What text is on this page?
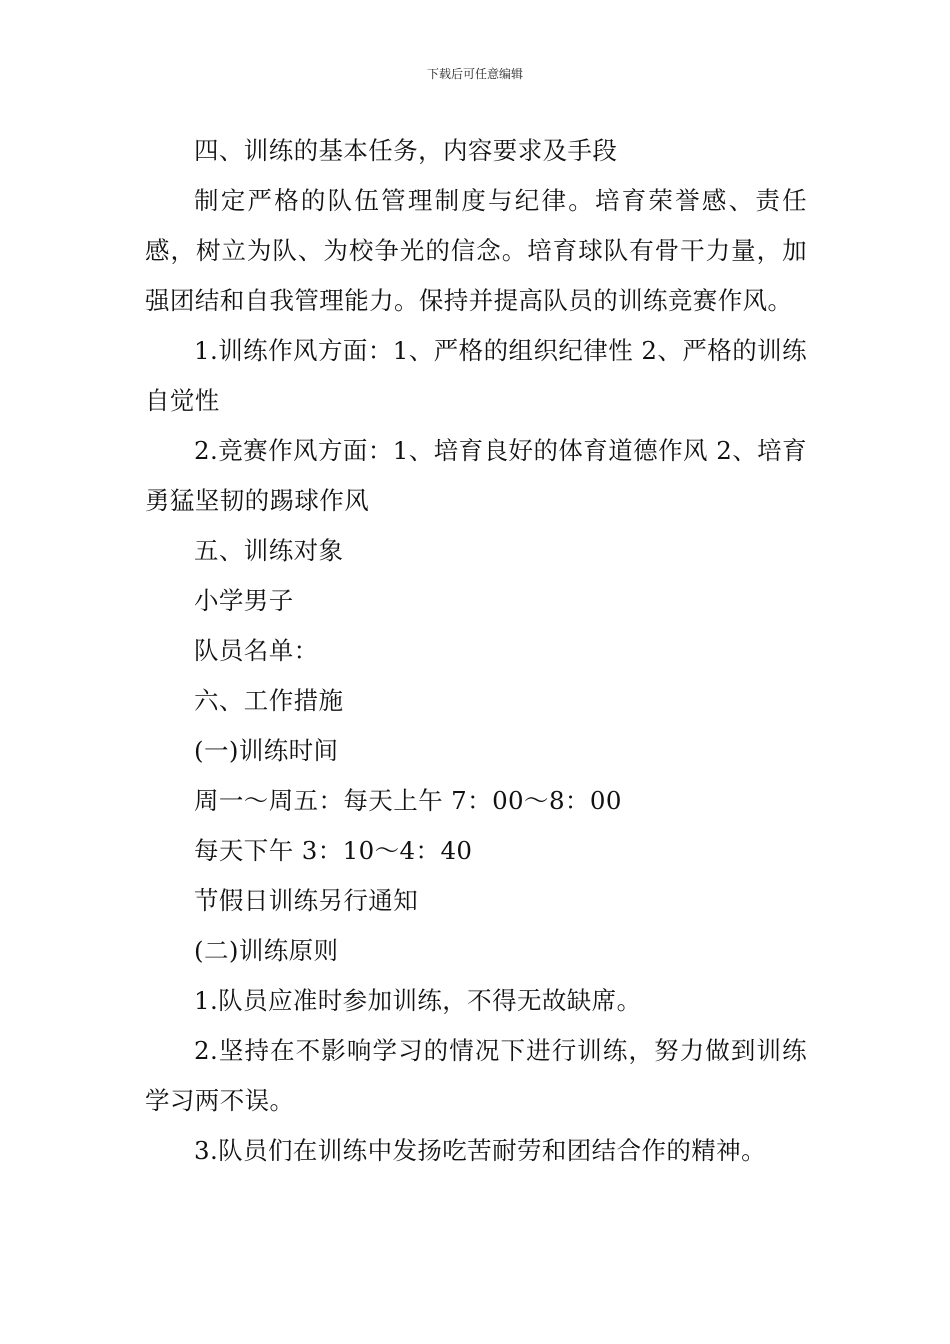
下载后可任意编辑

四、训练的基本任务，内容要求及手段

制定严格的队伍管理制度与纪律。培育荣誉感、责任感，树立为队、为校争光的信念。培育球队有骨干力量，加强团结和自我管理能力。保持并提高队员的训练竞赛作风。

1.训练作风方面：1、严格的组织纪律性 2、严格的训练自觉性

2.竞赛作风方面：1、培育良好的体育道德作风 2、培育勇猛坚韧的踢球作风

五、训练对象

小学男子

队员名单：

六、工作措施

(一)训练时间

周一～周五：每天上午 7：00～8：00

每天下午 3：10～4：40

节假日训练另行通知

(二)训练原则

1.队员应准时参加训练，不得无故缺席。

2.坚持在不影响学习的情况下进行训练，努力做到训练学习两不误。

3.队员们在训练中发扬吃苦耐劳和团结合作的精神。
